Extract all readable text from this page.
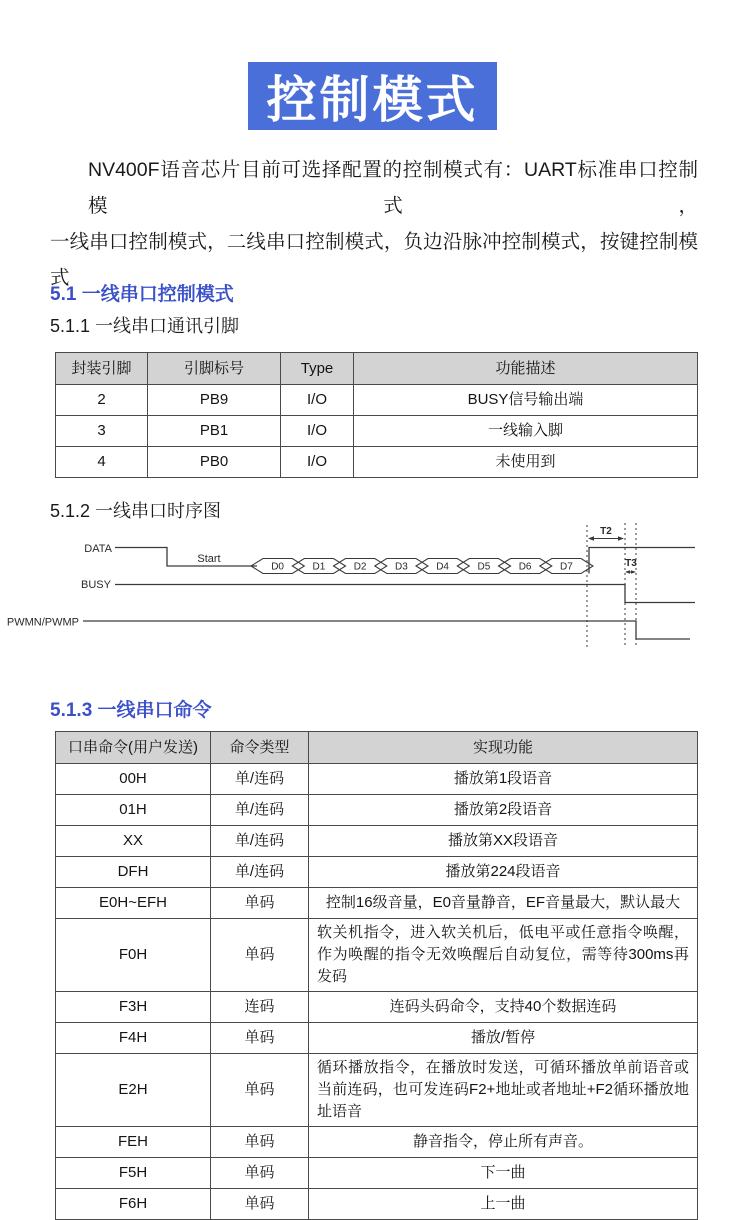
控制模式
NV400F语音芯片目前可选择配置的控制模式有：UART标准串口控制模式，
一线串口控制模式，二线串口控制模式，负边沿脉冲控制模式，按键控制模式
5.1 一线串口控制模式
5.1.1 一线串口通讯引脚
5.1.2 一线串口时序图
5.1.3 一线串口命令
封装引脚	引脚标号	Type	功能描述
2	PB9	I/O	BUSY信号输出端
3	PB1	I/O	一线输入脚
4	PB0	I/O	未使用到
DATA
Start
D0	D1	D2	D3	D4	D5	D6	D7
T2
T3
BUSY
PWMN/PWMP
口串命令(用户发送)	命令类型	实现功能
00H	单/连码	播放第1段语音
01H	单/连码	播放第2段语音
XX	单/连码	播放第XX段语音
DFH	单/连码	播放第224段语音
E0H~EFH	单码	控制16级音量，E0音量静音，EF音量最大，默认最大
F0H	单码	软关机指令，进入软关机后，低电平或任意指令唤醒，作为唤醒的指令无效唤醒后自动复位，需等待300ms再发码
F3H	连码	连码头码命令，支持40个数据连码
F4H	单码	播放/暂停
E2H	单码	循环播放指令，在播放时发送，可循环播放单前语音或当前连码，也可发连码F2+地址或者地址+F2循环播放地址语音
FEH	单码	静音指令，停止所有声音。
F5H	单码	下一曲
F6H	单码	上一曲
